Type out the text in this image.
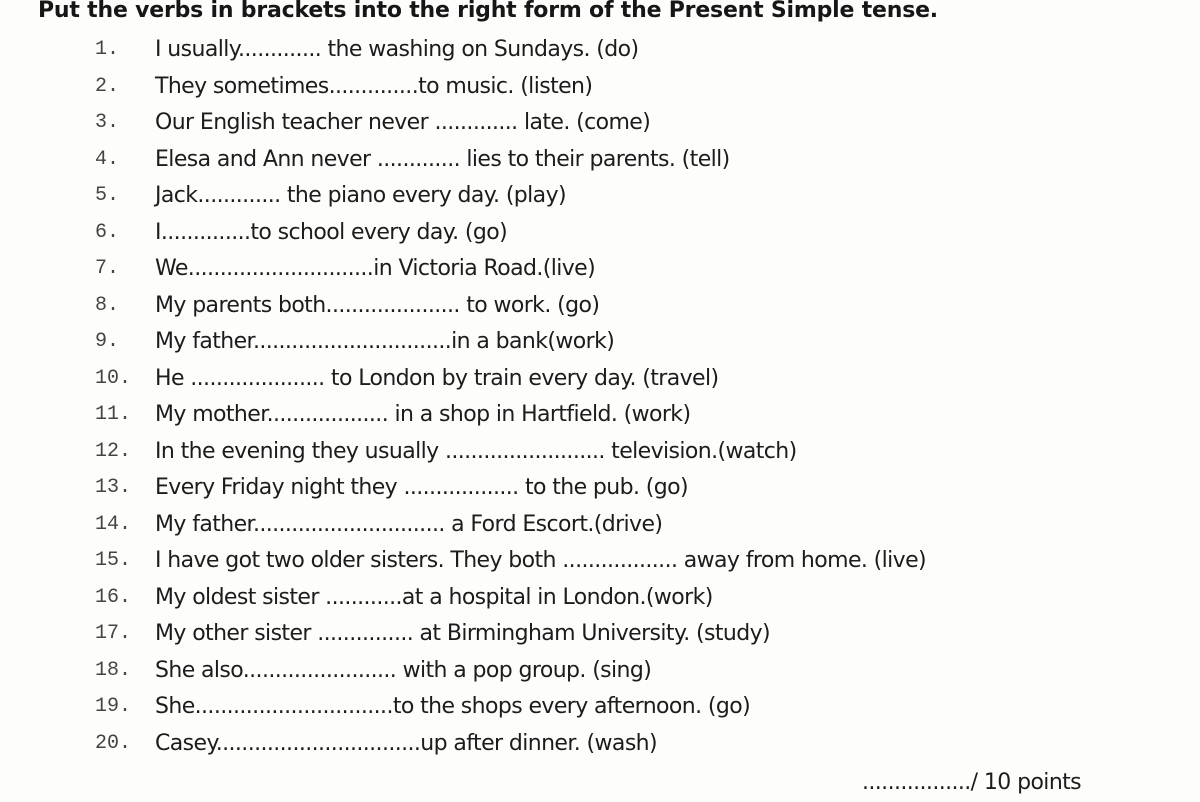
Put the verbs in brackets into the right form of the Present Simple tense.
1.	I usually............. the washing on Sundays. (do)
2.	They sometimes..............to music. (listen)
3.	Our English teacher never ............. late. (come)
4.	Elesa and Ann never ............. lies to their parents. (tell)
5.	Jack............. the piano every day. (play)
6.	I..............to school every day. (go)
7.	We.............................in Victoria Road.(live)
8.	My parents both..................... to work. (go)
9.	My father...............................in a bank(work)
10.	He ..................... to London by train every day. (travel)
11.	My mother................... in a shop in Hartfield. (work)
12.	In the evening they usually ......................... television.(watch)
13.	Every Friday night they .................. to the pub. (go)
14.	My father.............................. a Ford Escort.(drive)
15.	I have got two older sisters. They both .................. away from home. (live)
16.	My oldest sister ............at a hospital in London.(work)
17.	My other sister ............... at Birmingham University. (study)
18.	She also........................ with a pop group. (sing)
19.	She...............................to the shops every afternoon. (go)
20.	Casey................................up after dinner. (wash)
................./ 10 points
